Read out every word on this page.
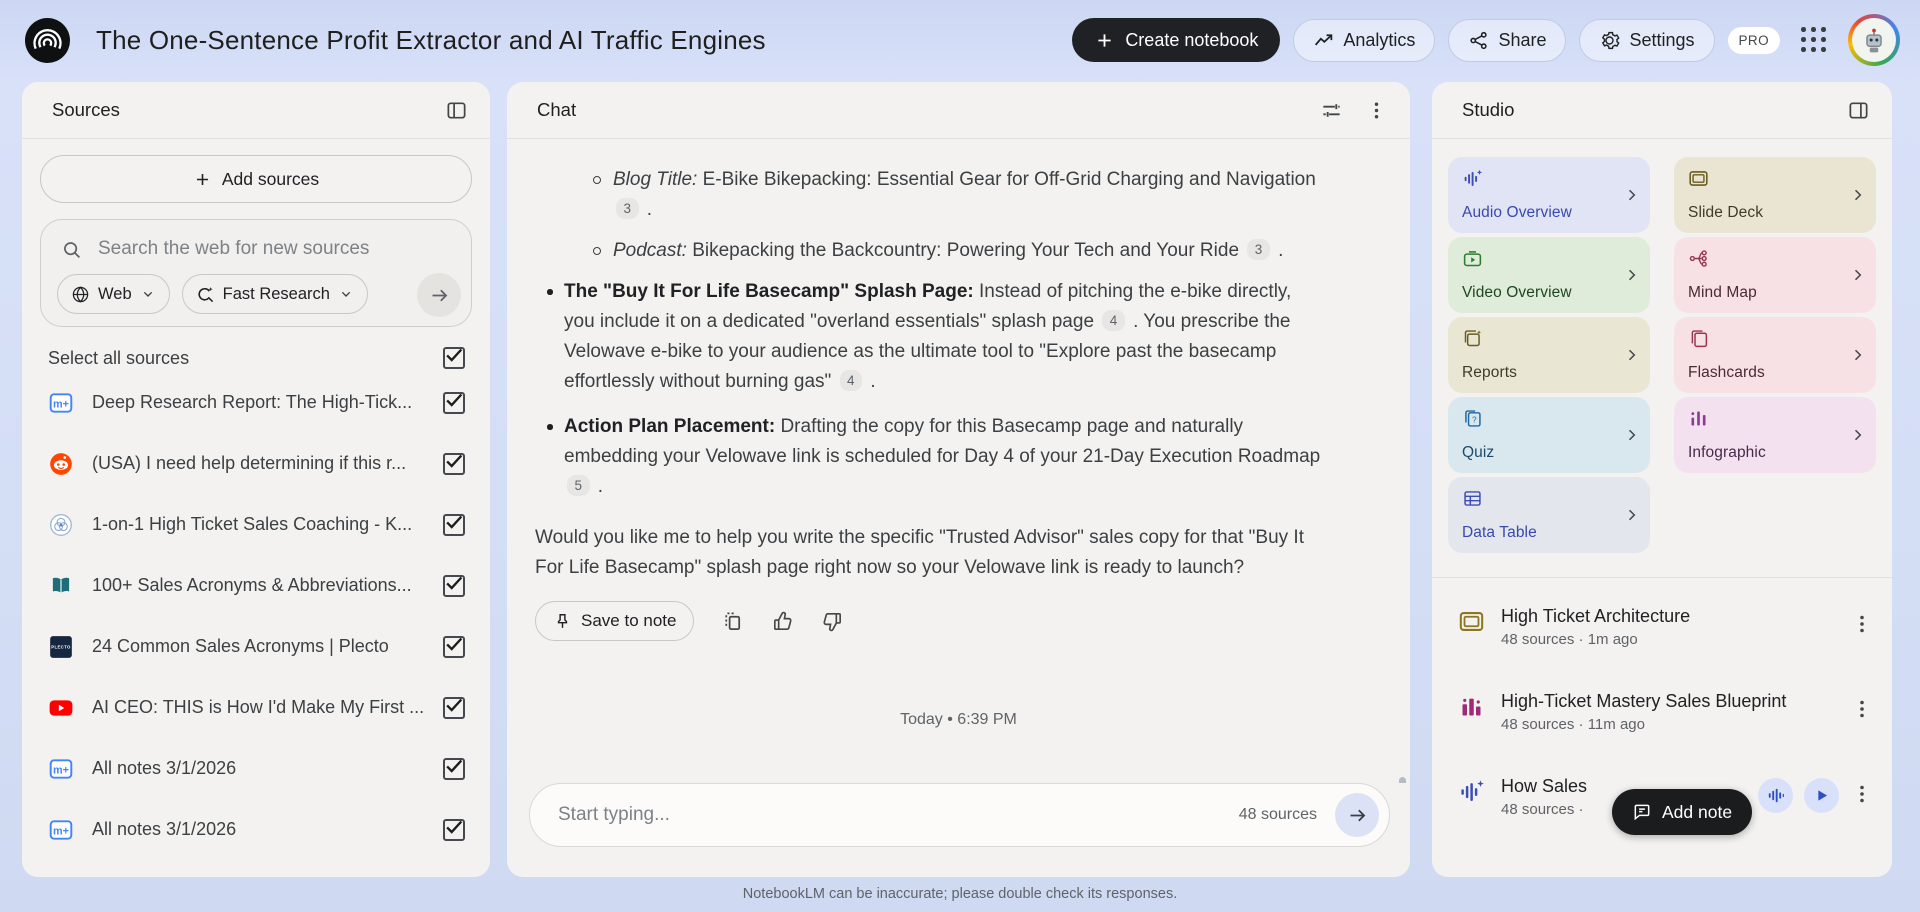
The One-Sentence Profit Extractor and AI Traffic Engines	Create notebook	Analytics	Share	Settings	PRO
Sources
Add sources
Search the web for new sources
Web	Fast Research
Select all sources
m+ Deep Research Report: The High-Tick...
(USA) I need help determining if this r...
1-on-1 High Ticket Sales Coaching - K...
100+ Sales Acronyms & Abbreviations...
PLECTO 24 Common Sales Acronyms | Plecto
AI CEO: THIS is How I'd Make My First ...
m+ All notes 3/1/2026
m+ All notes 3/1/2026
Chat
Blog Title: E-Bike Bikepacking: Essential Gear for Off-Grid Charging and Navigation 3 .
Podcast: Bikepacking the Backcountry: Powering Your Tech and Your Ride 3 .
The "Buy It For Life Basecamp" Splash Page: Instead of pitching the e-bike directly, you include it on a dedicated "overland essentials" splash page 4 . You prescribe the Velowave e-bike to your audience as the ultimate tool to "Explore past the basecamp effortlessly without burning gas" 4 .
Action Plan Placement: Drafting the copy for this Basecamp page and naturally embedding your Velowave link is scheduled for Day 4 of your 21-Day Execution Roadmap 5 .
Would you like me to help you write the specific "Trusted Advisor" sales copy for that "Buy It For Life Basecamp" splash page right now so your Velowave link is ready to launch?
Save to note
Today • 6:39 PM
Start typing...
48 sources
Studio
Audio Overview	Slide Deck
Video Overview	Mind Map
Reports	Flashcards
?
Quiz	Infographic
Data Table
High Ticket Architecture
48 sources · 1m ago
High-Ticket Mastery Sales Blueprint
48 sources · 11m ago
How Sales
48 sources ·	Add note
NotebookLM can be inaccurate; please double check its responses.
